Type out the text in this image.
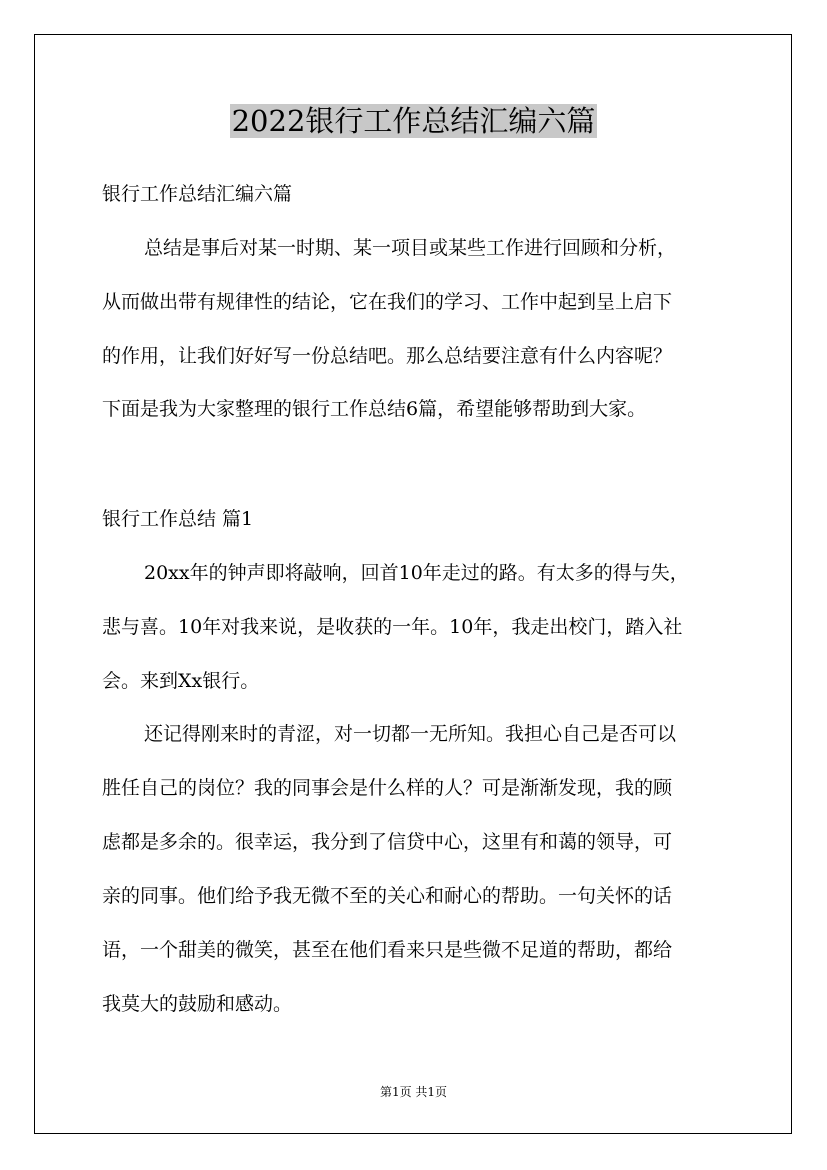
2022银行工作总结汇编六篇
银行工作总结汇编六篇
总结是事后对某一时期、某一项目或某些工作进行回顾和分析，
从而做出带有规律性的结论，它在我们的学习、工作中起到呈上启下
的作用，让我们好好写一份总结吧。那么总结要注意有什么内容呢？
下面是我为大家整理的银行工作总结6篇，希望能够帮助到大家。
银行工作总结 篇1
20xx年的钟声即将敲响，回首10年走过的路。有太多的得与失，
悲与喜。10年对我来说，是收获的一年。10年，我走出校门，踏入社
会。来到Xx银行。
还记得刚来时的青涩，对一切都一无所知。我担心自己是否可以
胜任自己的岗位？我的同事会是什么样的人？可是渐渐发现，我的顾
虑都是多余的。很幸运，我分到了信贷中心，这里有和蔼的领导，可
亲的同事。他们给予我无微不至的关心和耐心的帮助。一句关怀的话
语，一个甜美的微笑，甚至在他们看来只是些微不足道的帮助，都给
我莫大的鼓励和感动。
第1页 共1页
